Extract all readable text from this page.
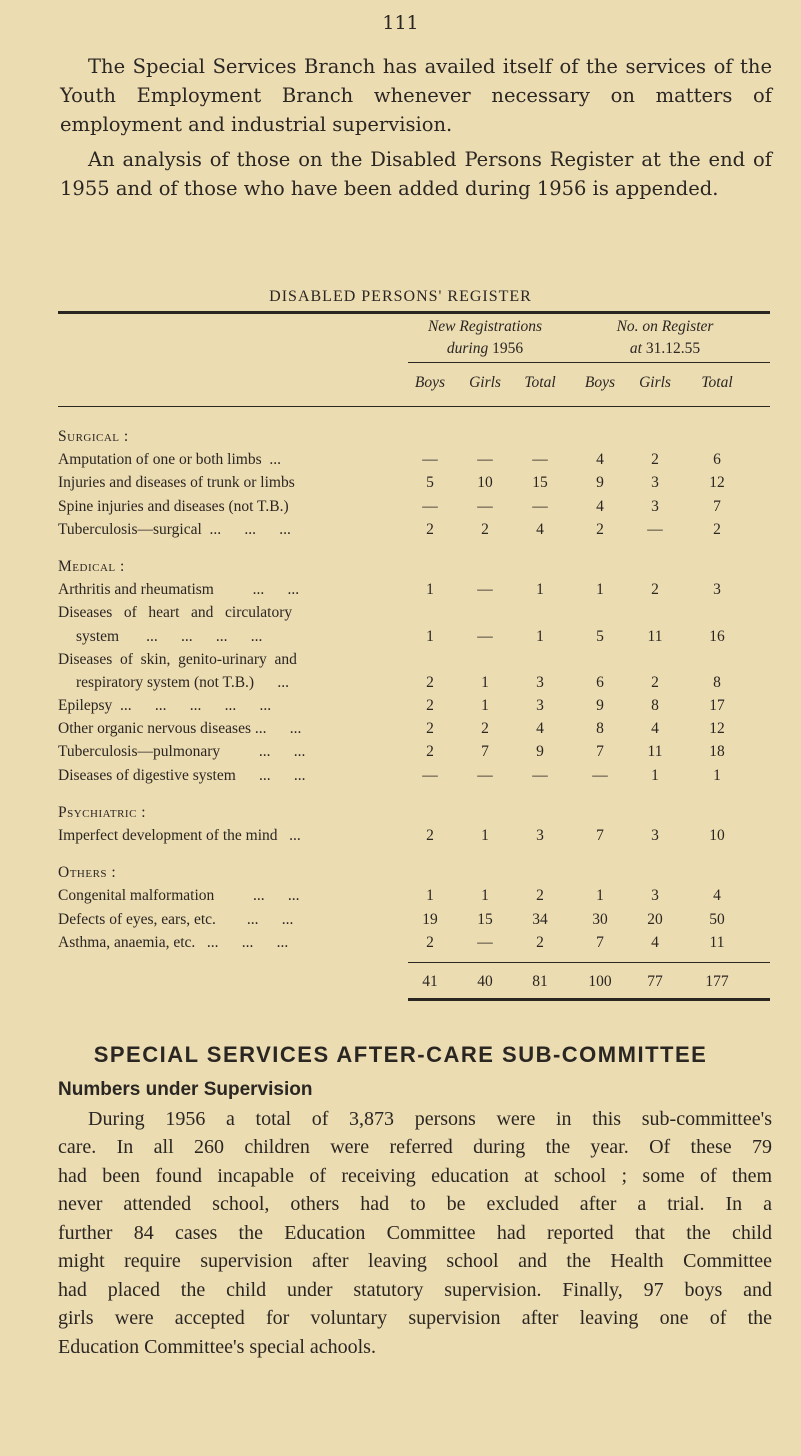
111

The Special Services Branch has availed itself of the services of the Youth Employment Branch whenever necessary on matters of employment and industrial supervision.

An analysis of those on the Disabled Persons Register at the end of 1955 and of those who have been added during 1956 is appended.

DISABLED PERSONS' REGISTER
New Registrations
during 1956
No. on Register
at 31.12.55
Boys	Girls	Total	Boys	Girls	Total
Surgical :
Amputation of one or both limbs  ...	—	—	—	4	2	6
Injuries and diseases of trunk or limbs	5	10	15	9	3	12
Spine injuries and diseases (not T.B.)	—	—	—	4	3	7
Tuberculosis—surgical  ...      ...      ...	2	2	4	2	—	2
Medical :
Arthritis and rheumatism          ...      ...	1	—	1	1	2	3
Diseases   of   heart   and   circulatory
system       ...      ...      ...      ...	1	—	1	5	11	16
Diseases  of  skin,  genito-urinary  and
respiratory system (not T.B.)      ...	2	1	3	6	2	8
Epilepsy  ...      ...      ...      ...      ...	2	1	3	9	8	17
Other organic nervous diseases ...      ...	2	2	4	8	4	12
Tuberculosis—pulmonary          ...      ...	2	7	9	7	11	18
Diseases of digestive system      ...      ...	—	—	—	—	1	1
Psychiatric :
Imperfect development of the mind   ...	2	1	3	7	3	10
Others :
Congenital malformation          ...      ...	1	1	2	1	3	4
Defects of eyes, ears, etc.        ...      ...	19	15	34	30	20	50
Asthma, anaemia, etc.   ...      ...      ...	2	—	2	7	4	11
41	40	81	100	77	177
SPECIAL SERVICES AFTER-CARE SUB-COMMITTEE
Numbers under Supervision
During 1956 a total of 3,873 persons were in this sub-committee's
care. In all 260 children were referred during the year. Of these 79
had been found incapable of receiving education at school ; some of them
never attended school, others had to be excluded after a trial. In a
further 84 cases the Education Committee had reported that the child
might require supervision after leaving school and the Health Committee
had placed the child under statutory supervision. Finally, 97 boys and
girls were accepted for voluntary supervision after leaving one of the
Education Committee's special achools.
